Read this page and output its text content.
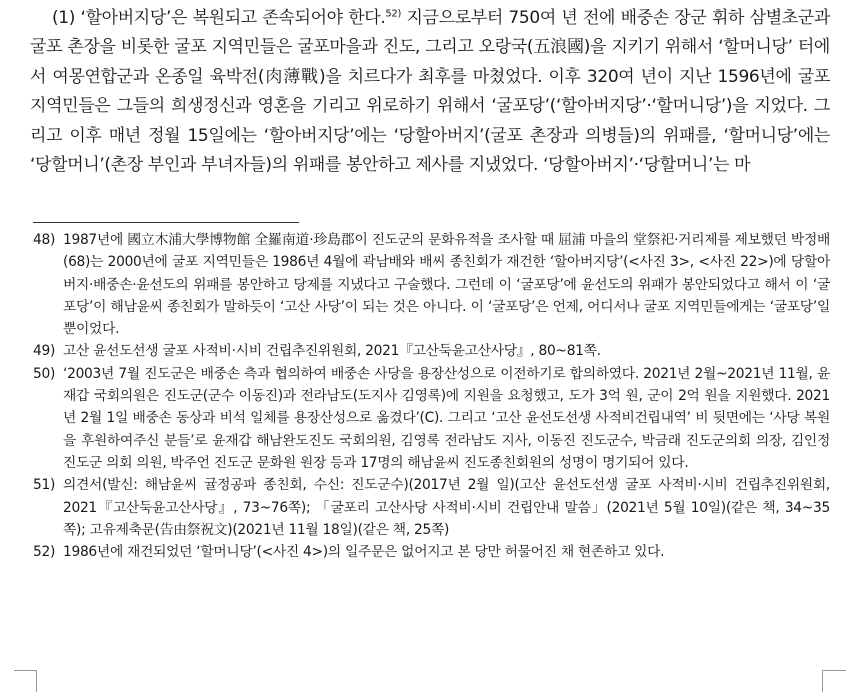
(1) ‘할아버지당’은 복원되고 존속되어야 한다.$^{52)}$ 지금으로부터 750여 년 전에 배중손 장군 휘하 삼별초군과 굴포 촌장을 비롯한 굴포 지역민들은 굴포마을과 진도, 그리고 오랑국(五浪國)을 지키기 위해서 ‘할머니당’ 터에서 여몽연합군과 온종일 육박전(肉薄戰)을 치르다가 최후를 마쳤었다. 이후 320여 년이 지난 1596년에 굴포 지역민들은 그들의 희생정신과 영혼을 기리고 위로하기 위해서 ‘굴포당’(‘할아버지당’·‘할머니당’)을 지었다. 그리고 이후 매년 정월 15일에는 ‘할아버지당’에는 ‘당할아버지’(굴포 촌장과 의병들)의 위패를, ‘할머니당’에는 ‘당할머니’(촌장 부인과 부녀자들)의 위패를 봉안하고 제사를 지냈었다. ‘당할아버지’·‘당할머니’는 마

48) 1987년에 國立木浦大學博物館 全羅南道·珍島郡이 진도군의 문화유적을 조사할 때 屈浦 마을의 堂祭祀·거리제를 제보했던 박정배(68)는 2000년에 굴포 지역민들은 1986년 4월에 곽남배와 배씨 종친회가 재건한 ‘할아버지당’(<사진 3>, <사진 22>)에 당할아버지·배중손·윤선도의 위패를 봉안하고 당제를 지냈다고 구술했다. 그런데 이 ‘굴포당’에 윤선도의 위패가 봉안되었다고 해서 이 ‘굴포당’이 해남윤씨 종친회가 말하듯이 ‘고산 사당’이 되는 것은 아니다. 이 ‘굴포당’은 언제, 어디서나 굴포 지역민들에게는 ‘굴포당’일 뿐이었다.
49) 고산 윤선도선생 굴포 사적비·시비 건립추진위원회, 2021『고산둑윤고산사당』, 80~81쪽.
50) ‘2003년 7월 진도군은 배중손 측과 협의하여 배중손 사당을 용장산성으로 이전하기로 합의하였다. 2021년 2월~2021년 11월, 윤재갑 국회의원은 진도군(군수 이동진)과 전라남도(도지사 김영록)에 지원을 요청했고, 도가 3억 원, 군이 2억 원을 지원했다. 2021년 2월 1일 배중손 동상과 비석 일체를 용장산성으로 옮겼다’(C). 그리고 ‘고산 윤선도선생 사적비건립내역’ 비 뒷면에는 ‘사당 복원을 후원하여주신 분들’로 윤재갑 해남완도진도 국회의원, 김영록 전라남도 지사, 이동진 진도군수, 박금래 진도군의회 의장, 김인정 진도군 의회 의원, 박주언 진도군 문화원 원장 등과 17명의 해남윤씨 진도종친회원의 성명이 명기되어 있다.
51) 의견서(발신: 해남윤씨 귤정공파 종친회, 수신: 진도군수)(2017년 2월 일)(고산 윤선도선생 굴포 사적비·시비 건립추진위원회, 2021『고산둑윤고산사당』, 73~76쪽); 「굴포리 고산사당 사적비·시비 건립안내 말씀」(2021년 5월 10일)(같은 책, 34~35쪽); 고유제축문(告由祭祝文)(2021년 11월 18일)(같은 책, 25쪽)
52) 1986년에 재건되었던 ‘할머니당’(<사진 4>)의 일주문은 없어지고 본 당만 허물어진 채 현존하고 있다.
